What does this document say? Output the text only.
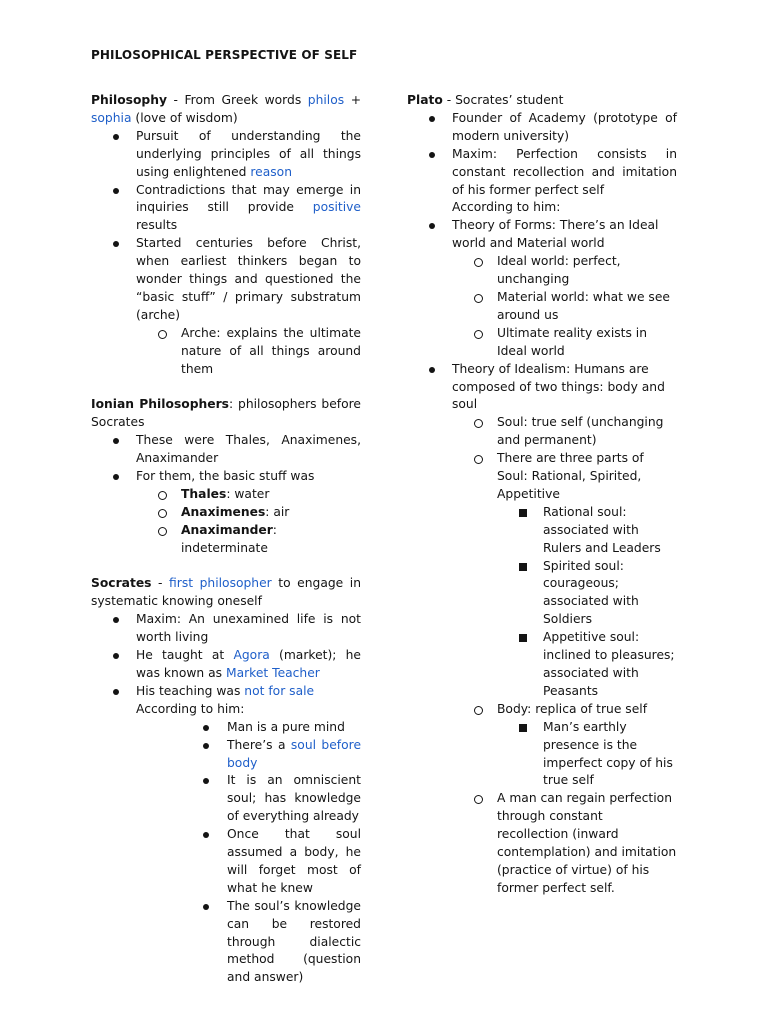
PHILOSOPHICAL PERSPECTIVE OF SELF

Philosophy - From Greek words philos + sophia (love of wisdom)

Pursuit of understanding the underlying principles of all things using enlightened reason
Contradictions that may emerge in inquiries still provide positive results
Started centuries before Christ, when earliest thinkers began to wonder things and questioned the “basic stuff” / primary substratum (arche)
Arche: explains the ultimate nature of all things around them

Ionian Philosophers: philosophers before Socrates

These were Thales, Anaximenes, Anaximander
For them, the basic stuff was
Thales: water
Anaximenes: air
Anaximander: indeterminate

Socrates - first philosopher to engage in systematic knowing oneself

Maxim: An unexamined life is not worth living
He taught at Agora (market); he was known as Market Teacher
His teaching was not for sale
According to him:
Man is a pure mind
There’s a soul before body
It is an omniscient soul; has knowledge of everything already
Once that soul assumed a body, he will forget most of what he knew
The soul’s knowledge can be restored through dialectic method (question and answer)

Plato - Socrates’ student

Founder of Academy (prototype of modern university)
Maxim: Perfection consists in constant recollection and imitation of his former perfect self
According to him:
Theory of Forms: There’s an Ideal world and Material world
Ideal world: perfect, unchanging
Material world: what we see around us
Ultimate reality exists in Ideal world
Theory of Idealism: Humans are composed of two things: body and soul
Soul: true self (unchanging and permanent)
There are three parts of Soul: Rational, Spirited, Appetitive
Rational soul: associated with Rulers and Leaders
Spirited soul: courageous; associated with Soldiers
Appetitive soul: inclined to pleasures; associated with Peasants
Body: replica of true self
Man’s earthly presence is the imperfect copy of his true self
A man can regain perfection through constant recollection (inward contemplation) and imitation (practice of virtue) of his former perfect self.
